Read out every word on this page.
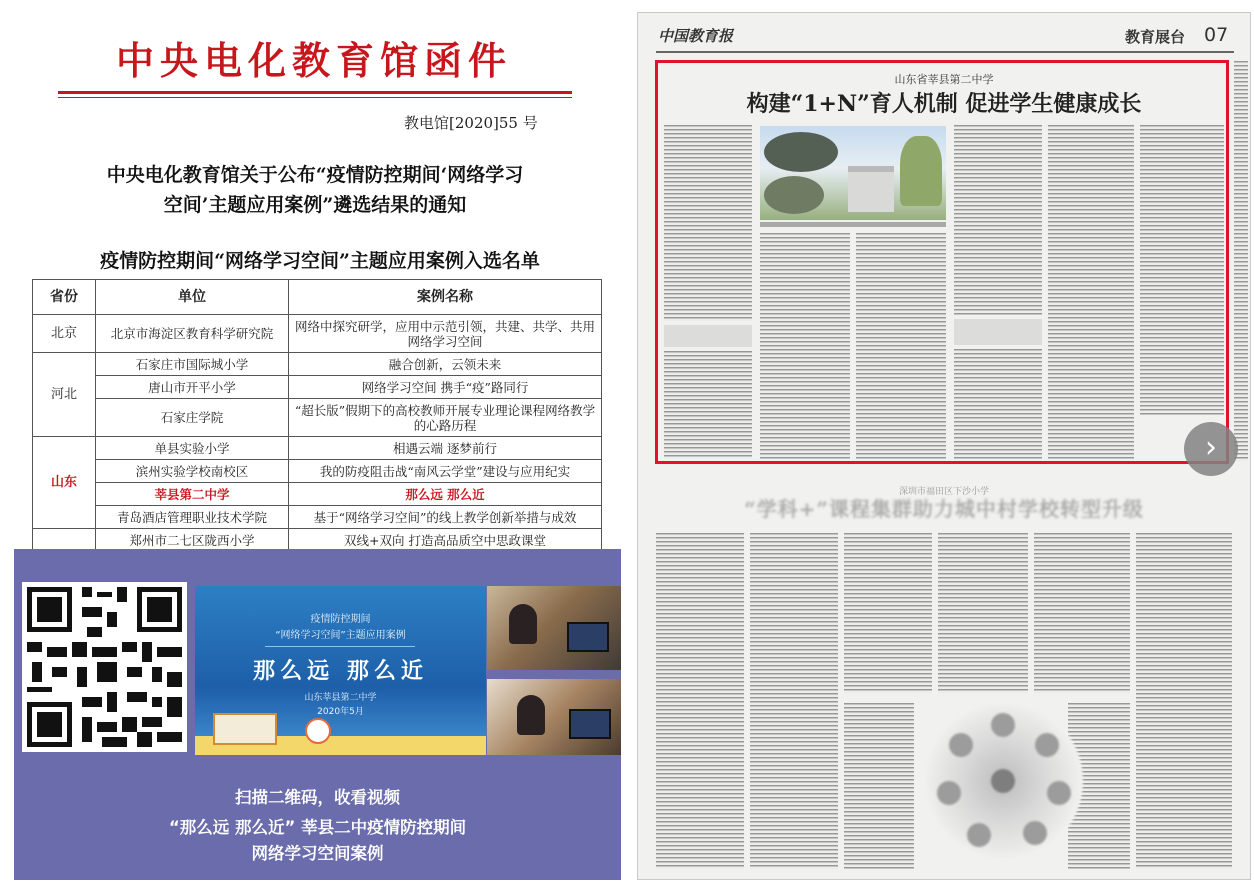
中央电化教育馆函件
教电馆[2020]55 号
中央电化教育馆关于公布“疫情防控期间‘网络学习
空间’主题应用案例”遴选结果的通知
疫情防控期间“网络学习空间”主题应用案例入选名单
省份	单位	案例名称
北京	北京市海淀区教育科学研究院	网络中探究研学，应用中示范引领，共建、共学、共用网络学习空间
河北	石家庄市国际城小学	融合创新，云领未来
	唐山市开平小学	网络学习空间 携手“疫”路同行
	石家庄学院	“超长版”假期下的高校教师开展专业理论课程网络教学的心路历程
山东	单县实验小学	相遇云端 逐梦前行
	滨州实验学校南校区	我的防疫阻击战“南风云学堂”建设与应用纪实
	莘县第二中学	那么远 那么近
	青岛酒店管理职业技术学院	基于“网络学习空间”的线上教学创新举措与成效
	郑州市二七区陇西小学	双线+双向 打造高品质空中思政课堂

疫情防控期间
“网络学习空间”主题应用案例
那么远 那么近
山东莘县第二中学
2020年5月
扫描二维码，收看视频
“那么远 那么近” 莘县二中疫情防控期间
网络学习空间案例
中国教育报	教育展台 07
山东省莘县第二中学
构建“1+N”育人机制 促进学生健康成长
›
深圳市福田区下沙小学
“学科+”课程集群助力城中村学校转型升级
